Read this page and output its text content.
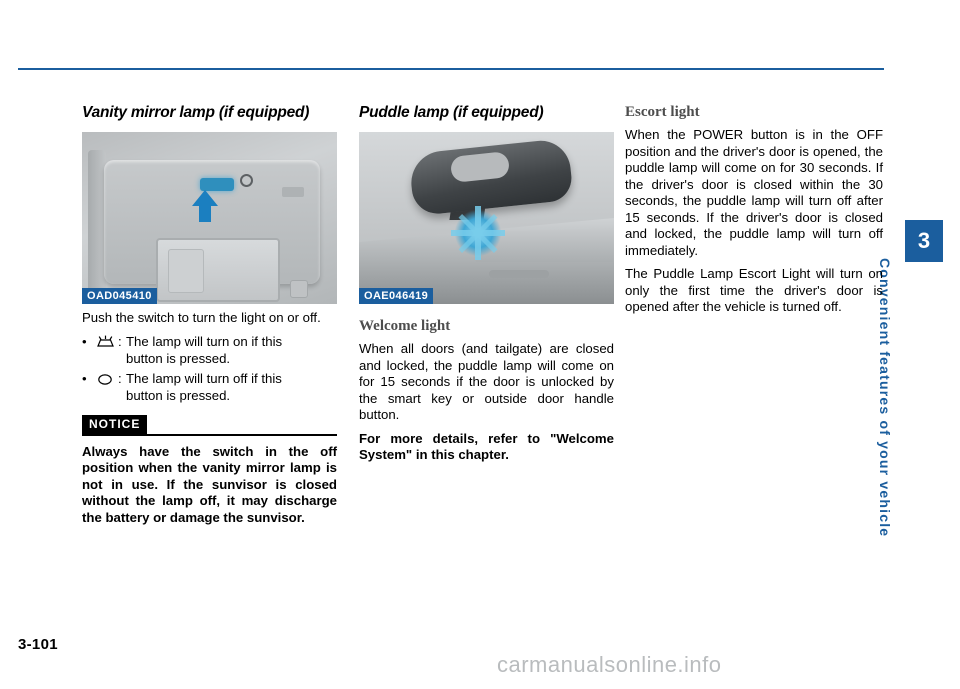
3-101
3
Convenient features of your vehicle
Vanity mirror lamp (if equipped)
OAD045410

Push the switch to turn the light on or off.

•	: The lamp will turn on if this
button is pressed.
•	: The lamp will turn off if this
button is pressed.
NOTICE

Always have the switch in the off position when the vanity mirror lamp is not in use. If the sunvisor is closed without the lamp off, it may discharge the battery or damage the sunvisor.

Puddle lamp (if equipped)
OAE046419
Welcome light

When all doors (and tailgate) are closed and locked, the puddle lamp will come on for 15 seconds if the door is unlocked by the smart key or outside door handle button.

For more details, refer to "Welcome System" in this chapter.

Escort light

When the POWER button is in the OFF position and the driver's door is opened, the puddle lamp will come on for 30 seconds. If the driver's door is closed within the 30 seconds, the puddle lamp will turn off after 15 seconds. If the driver's door is closed and locked, the puddle lamp will turn off immediately.

The Puddle Lamp Escort Light will turn on only the first time the driver's door is opened after the vehicle is turned off.

carmanualsonline.info
